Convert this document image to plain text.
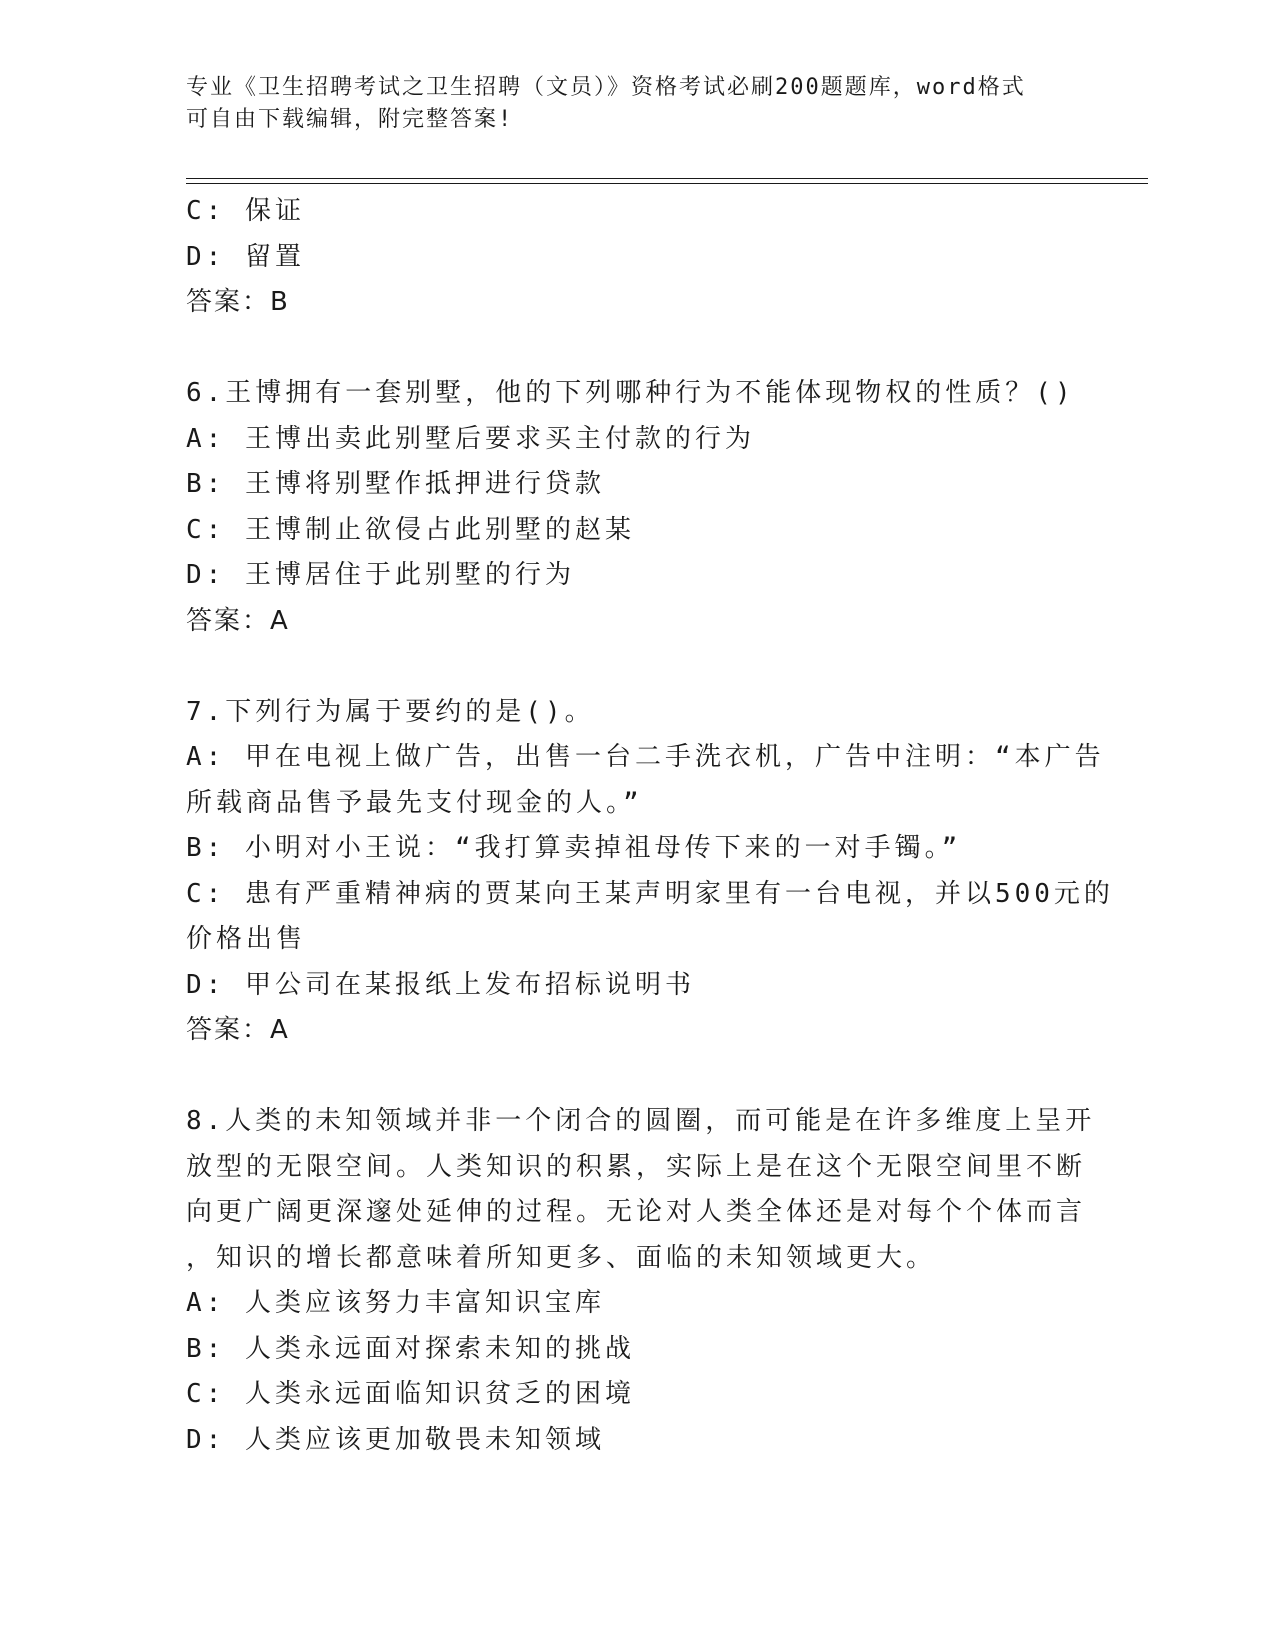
专业《卫生招聘考试之卫生招聘（文员）》资格考试必刷200题题库，word格式
可自由下载编辑，附完整答案!
C: 保证
D: 留置
答案：B
6.王博拥有一套别墅，他的下列哪种行为不能体现物权的性质？()
A: 王博出卖此别墅后要求买主付款的行为
B: 王博将别墅作抵押进行贷款
C: 王博制止欲侵占此别墅的赵某
D: 王博居住于此别墅的行为
答案：A
7.下列行为属于要约的是()。
A: 甲在电视上做广告，出售一台二手洗衣机，广告中注明：“本广告
所载商品售予最先支付现金的人。”
B: 小明对小王说：“我打算卖掉祖母传下来的一对手镯。”
C: 患有严重精神病的贾某向王某声明家里有一台电视，并以500元的
价格出售
D: 甲公司在某报纸上发布招标说明书
答案：A
8.人类的未知领域并非一个闭合的圆圈，而可能是在许多维度上呈开
放型的无限空间。人类知识的积累，实际上是在这个无限空间里不断
向更广阔更深邃处延伸的过程。无论对人类全体还是对每个个体而言
，知识的增长都意味着所知更多、面临的未知领域更大。
A: 人类应该努力丰富知识宝库
B: 人类永远面对探索未知的挑战
C: 人类永远面临知识贫乏的困境
D: 人类应该更加敬畏未知领域
